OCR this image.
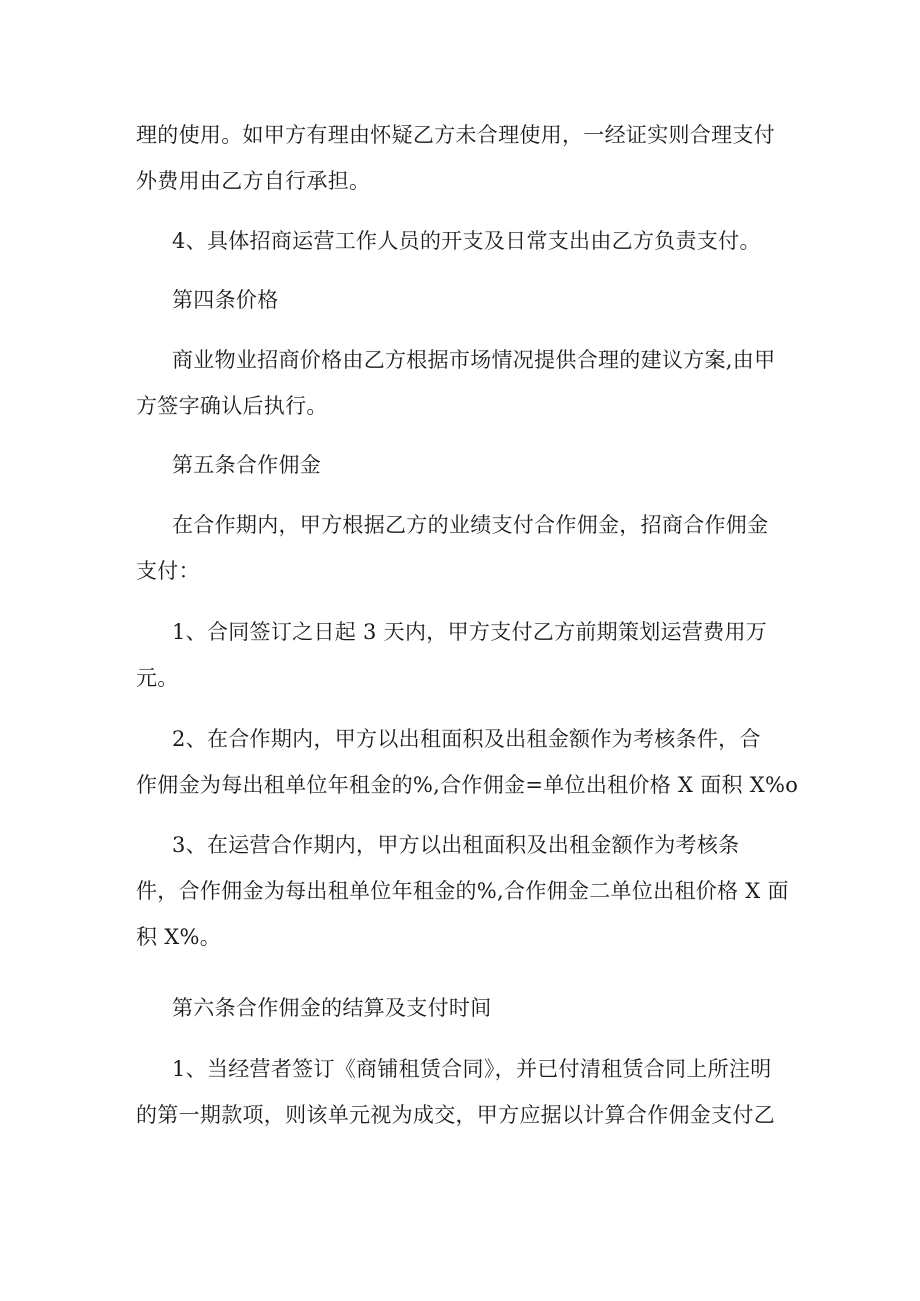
理的使用。如甲方有理由怀疑乙方未合理使用，一经证实则合理支付
外费用由乙方自行承担。

4、具体招商运营工作人员的开支及日常支出由乙方负责支付。

第四条价格

商业物业招商价格由乙方根据市场情况提供合理的建议方案,由甲
方签字确认后执行。

第五条合作佣金

在合作期内，甲方根据乙方的业绩支付合作佣金，招商合作佣金
支付：

1、合同签订之日起 3 天内，甲方支付乙方前期策划运营费用万
元。

2、在合作期内，甲方以出租面积及出租金额作为考核条件，合
作佣金为每出租单位年租金的%,合作佣金=单位出租价格 X 面积 X%o

3、在运营合作期内，甲方以出租面积及出租金额作为考核条
件，合作佣金为每出租单位年租金的%,合作佣金二单位出租价格 X 面
积 X%。

第六条合作佣金的结算及支付时间

1、当经营者签订《商铺租赁合同》，并已付清租赁合同上所注明
的第一期款项，则该单元视为成交，甲方应据以计算合作佣金支付乙
